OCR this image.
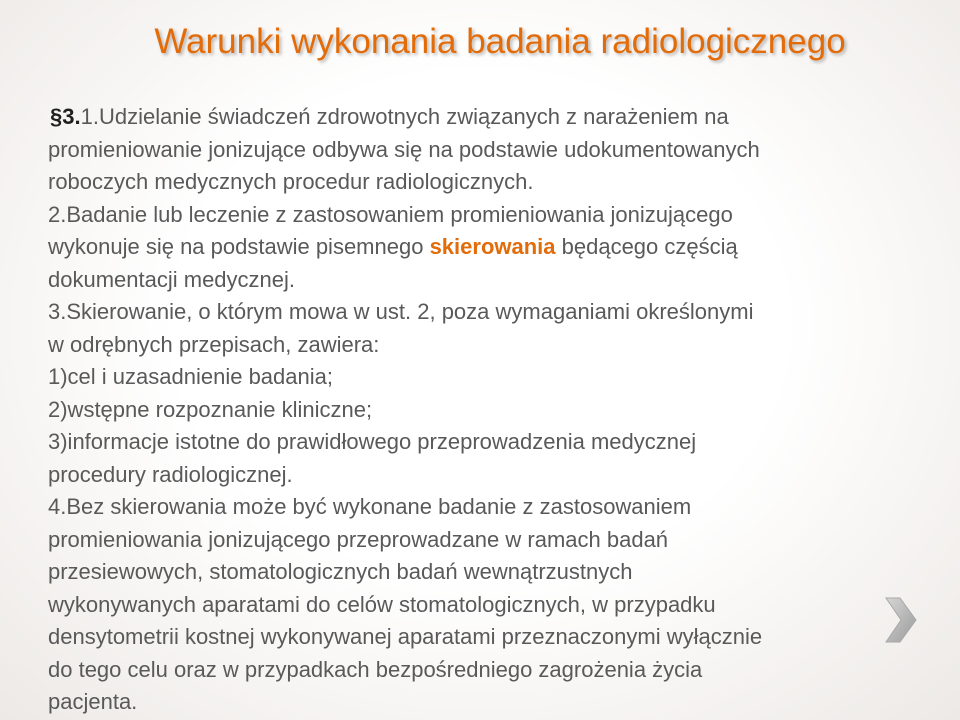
Warunki wykonania badania radiologicznego
§3.1.Udzielanie świadczeń zdrowotnych związanych z narażeniem na
promieniowanie jonizujące odbywa się na podstawie udokumentowanych
roboczych medycznych procedur radiologicznych.
2.Badanie lub leczenie z zastosowaniem promieniowania jonizującego
wykonuje się na podstawie pisemnego skierowania będącego częścią
dokumentacji medycznej.
3.Skierowanie, o którym mowa w ust. 2, poza wymaganiami określonymi
w odrębnych przepisach, zawiera:
1)cel i uzasadnienie badania;
2)wstępne rozpoznanie kliniczne;
3)informacje istotne do prawidłowego przeprowadzenia medycznej
procedury radiologicznej.
4.Bez skierowania może być wykonane badanie z zastosowaniem
promieniowania jonizującego przeprowadzane w ramach badań
przesiewowych, stomatologicznych badań wewnątrzustnych
wykonywanych aparatami do celów stomatologicznych, w przypadku
densytometrii kostnej wykonywanej aparatami przeznaczonymi wyłącznie
do tego celu oraz w przypadkach bezpośredniego zagrożenia życia
pacjenta.
